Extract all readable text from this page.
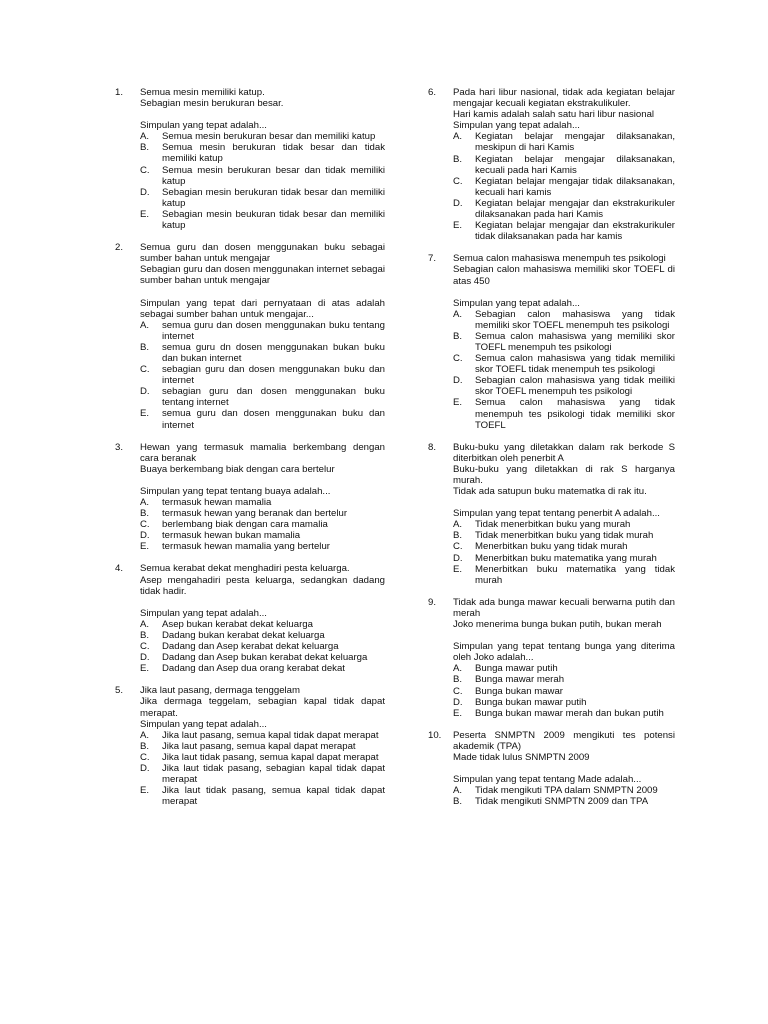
1.	Semua mesin memiliki katup.
Sebagian mesin berukuran besar.
Simpulan yang tepat adalah...
A. Semua mesin berukuran besar dan memiliki katup
B. Semua mesin berukuran tidak besar dan tidak memiliki katup
C. Semua mesin berukuran besar dan tidak memiliki katup
D. Sebagian mesin berukuran tidak besar dan memiliki katup
E. Sebagian mesin beukuran tidak besar dan memiliki katup
2.	Semua guru dan dosen menggunakan buku sebagai sumber bahan untuk mengajar
Sebagian guru dan dosen menggunakan internet sebagai sumber bahan untuk mengajar
Simpulan yang tepat dari pernyataan di atas adalah sebagai sumber bahan untuk mengajar...
A. semua guru dan dosen menggunakan buku tentang internet
B. semua guru dn dosen menggunakan bukan buku dan bukan internet
C. sebagian guru dan dosen menggunakan buku dan internet
D. sebagian guru dan dosen menggunakan buku tentang internet
E. semua guru dan dosen menggunakan buku dan internet
3.	Hewan yang termasuk mamalia berkembang dengan cara beranak
Buaya berkembang biak dengan cara bertelur
Simpulan yang tepat tentang buaya adalah...
A. termasuk hewan mamalia
B. termasuk hewan yang beranak dan bertelur
C. berlembang biak dengan cara mamalia
D. termasuk hewan bukan mamalia
E. termasuk hewan mamalia yang bertelur
4.	Semua kerabat dekat menghadiri pesta keluarga.
Asep mengahadiri pesta keluarga, sedangkan dadang tidak hadir.
Simpulan yang tepat adalah...
A. Asep bukan kerabat dekat keluarga
B. Dadang bukan kerabat dekat keluarga
C. Dadang dan Asep kerabat dekat keluarga
D. Dadang dan Asep bukan kerabat dekat keluarga
E. Dadang dan Asep dua orang kerabat dekat
5.	Jika laut pasang, dermaga tenggelam
Jika dermaga teggelam, sebagian kapal tidak dapat merapat.
Simpulan yang tepat adalah...
A. Jika laut pasang, semua kapal tidak dapat merapat
B. Jika laut pasang, semua kapal dapat merapat
C. Jika laut tidak pasang, semua kapal dapat merapat
D. Jika laut tidak pasang, sebagian kapal tidak dapat merapat
E. Jika laut tidak pasang, semua kapal tidak dapat merapat
6.	Pada hari libur nasional, tidak ada kegiatan belajar mengajar kecuali kegiatan ekstrakulikuler.
Hari kamis adalah salah satu hari libur nasional
Simpulan yang tepat adalah...
A. Kegiatan belajar mengajar dilaksanakan, meskipun di hari Kamis
B. Kegiatan belajar mengajar dilaksanakan, kecuali pada hari Kamis
C. Kegiatan belajar mengajar tidak dilaksanakan, kecuali hari kamis
D. Kegiatan belajar mengajar dan ekstrakurikuler dilaksanakan pada hari Kamis
E. Kegiatan belajar mengajar dan ekstrakurikuler tidak dilaksanakan pada har kamis
7.	Semua calon mahasiswa menempuh tes psikologi
Sebagian calon mahasiswa memiliki skor TOEFL di atas 450
Simpulan yang tepat adalah...
A. Sebagian calon mahasiswa yang tidak memiliki skor TOEFL menempuh tes psikologi
B. Semua calon mahasiswa yang memiliki skor TOEFL menempuh tes psikologi
C. Semua calon mahasiswa yang tidak memiliki skor TOEFL tidak menempuh tes psikologi
D. Sebagian calon mahasiswa yang tidak meiliki skor TOEFL menempuh tes psikologi
E. Semua calon mahasiswa yang tidak menempuh tes psikologi tidak memiliki skor TOEFL
8.	Buku-buku yang diletakkan dalam rak berkode S diterbitkan oleh penerbit A
Buku-buku yang diletakkan di rak S harganya murah.
Tidak ada satupun buku matematka di rak itu.
Simpulan yang tepat tentang penerbit A adalah...
A. Tidak menerbitkan buku yang murah
B. Tidak menerbitkan buku yang tidak murah
C. Menerbitkan buku yang tidak murah
D. Menerbitkan buku matematika yang murah
E. Menerbitkan buku matematika yang tidak murah
9.	Tidak ada bunga mawar kecuali berwarna putih dan merah
Joko menerima bunga bukan putih, bukan merah
Simpulan yang tepat tentang bunga yang diterima oleh Joko adalah...
A. Bunga mawar putih
B. Bunga mawar merah
C. Bunga bukan mawar
D. Bunga bukan mawar putih
E. Bunga bukan mawar merah dan bukan putih
10.	Peserta SNMPTN 2009 mengikuti tes potensi akademik (TPA)
Made tidak lulus SNMPTN 2009
Simpulan yang tepat tentang Made adalah...
A. Tidak mengikuti TPA dalam SNMPTN 2009
B. Tidak mengikuti SNMPTN 2009 dan TPA
